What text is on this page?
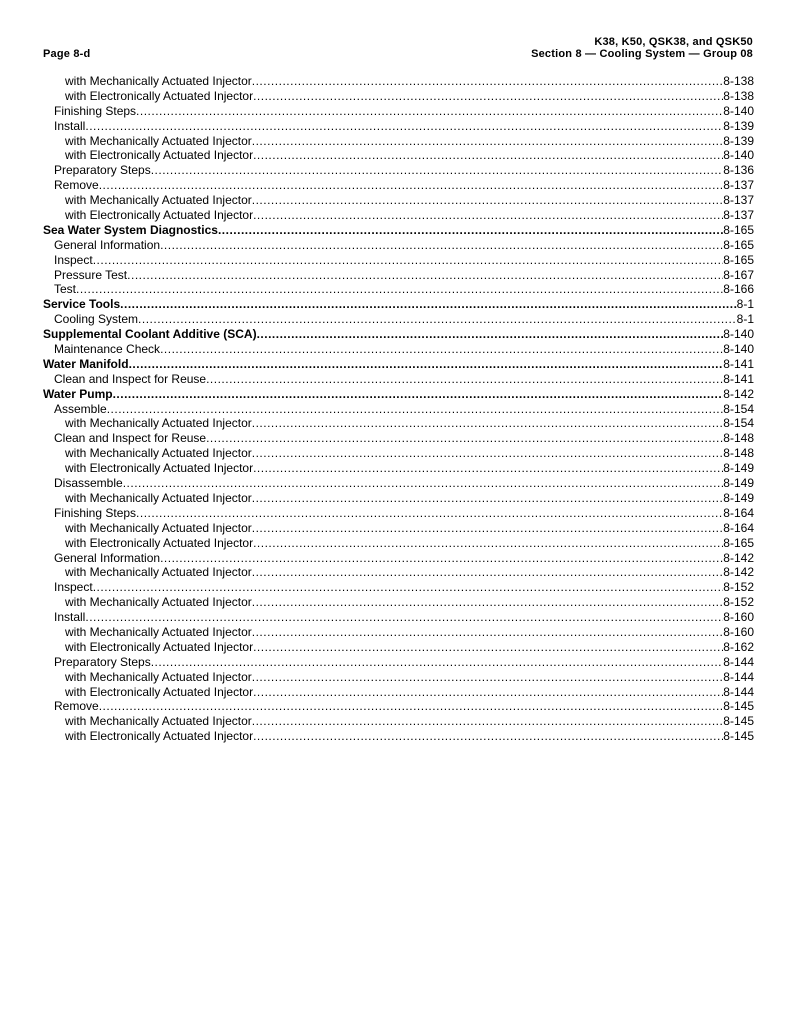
K38, K50, QSK38, and QSK50
Section 8 — Cooling System — Group 08
Page 8-d
with Mechanically Actuated Injector .....	8-138
with Electronically Actuated Injector .....	8-138
Finishing Steps .....	8-140
Install .....	8-139
with Mechanically Actuated Injector .....	8-139
with Electronically Actuated Injector .....	8-140
Preparatory Steps .....	8-136
Remove .....	8-137
with Mechanically Actuated Injector .....	8-137
with Electronically Actuated Injector .....	8-137
Sea Water System Diagnostics .....	8-165
General Information .....	8-165
Inspect .....	8-165
Pressure Test .....	8-167
Test .....	8-166
Service Tools .....	8-1
Cooling System .....	8-1
Supplemental Coolant Additive (SCA) .....	8-140
Maintenance Check .....	8-140
Water Manifold .....	8-141
Clean and Inspect for Reuse .....	8-141
Water Pump .....	8-142
Assemble .....	8-154
with Mechanically Actuated Injector .....	8-154
Clean and Inspect for Reuse .....	8-148
with Mechanically Actuated Injector .....	8-148
with Electronically Actuated Injector .....	8-149
Disassemble .....	8-149
with Mechanically Actuated Injector .....	8-149
Finishing Steps .....	8-164
with Mechanically Actuated Injector .....	8-164
with Electronically Actuated Injector .....	8-165
General Information .....	8-142
with Mechanically Actuated Injector .....	8-142
Inspect .....	8-152
with Mechanically Actuated Injector .....	8-152
Install .....	8-160
with Mechanically Actuated Injector .....	8-160
with Electronically Actuated Injector .....	8-162
Preparatory Steps .....	8-144
with Mechanically Actuated Injector .....	8-144
with Electronically Actuated Injector .....	8-144
Remove .....	8-145
with Mechanically Actuated Injector .....	8-145
with Electronically Actuated Injector .....	8-145
